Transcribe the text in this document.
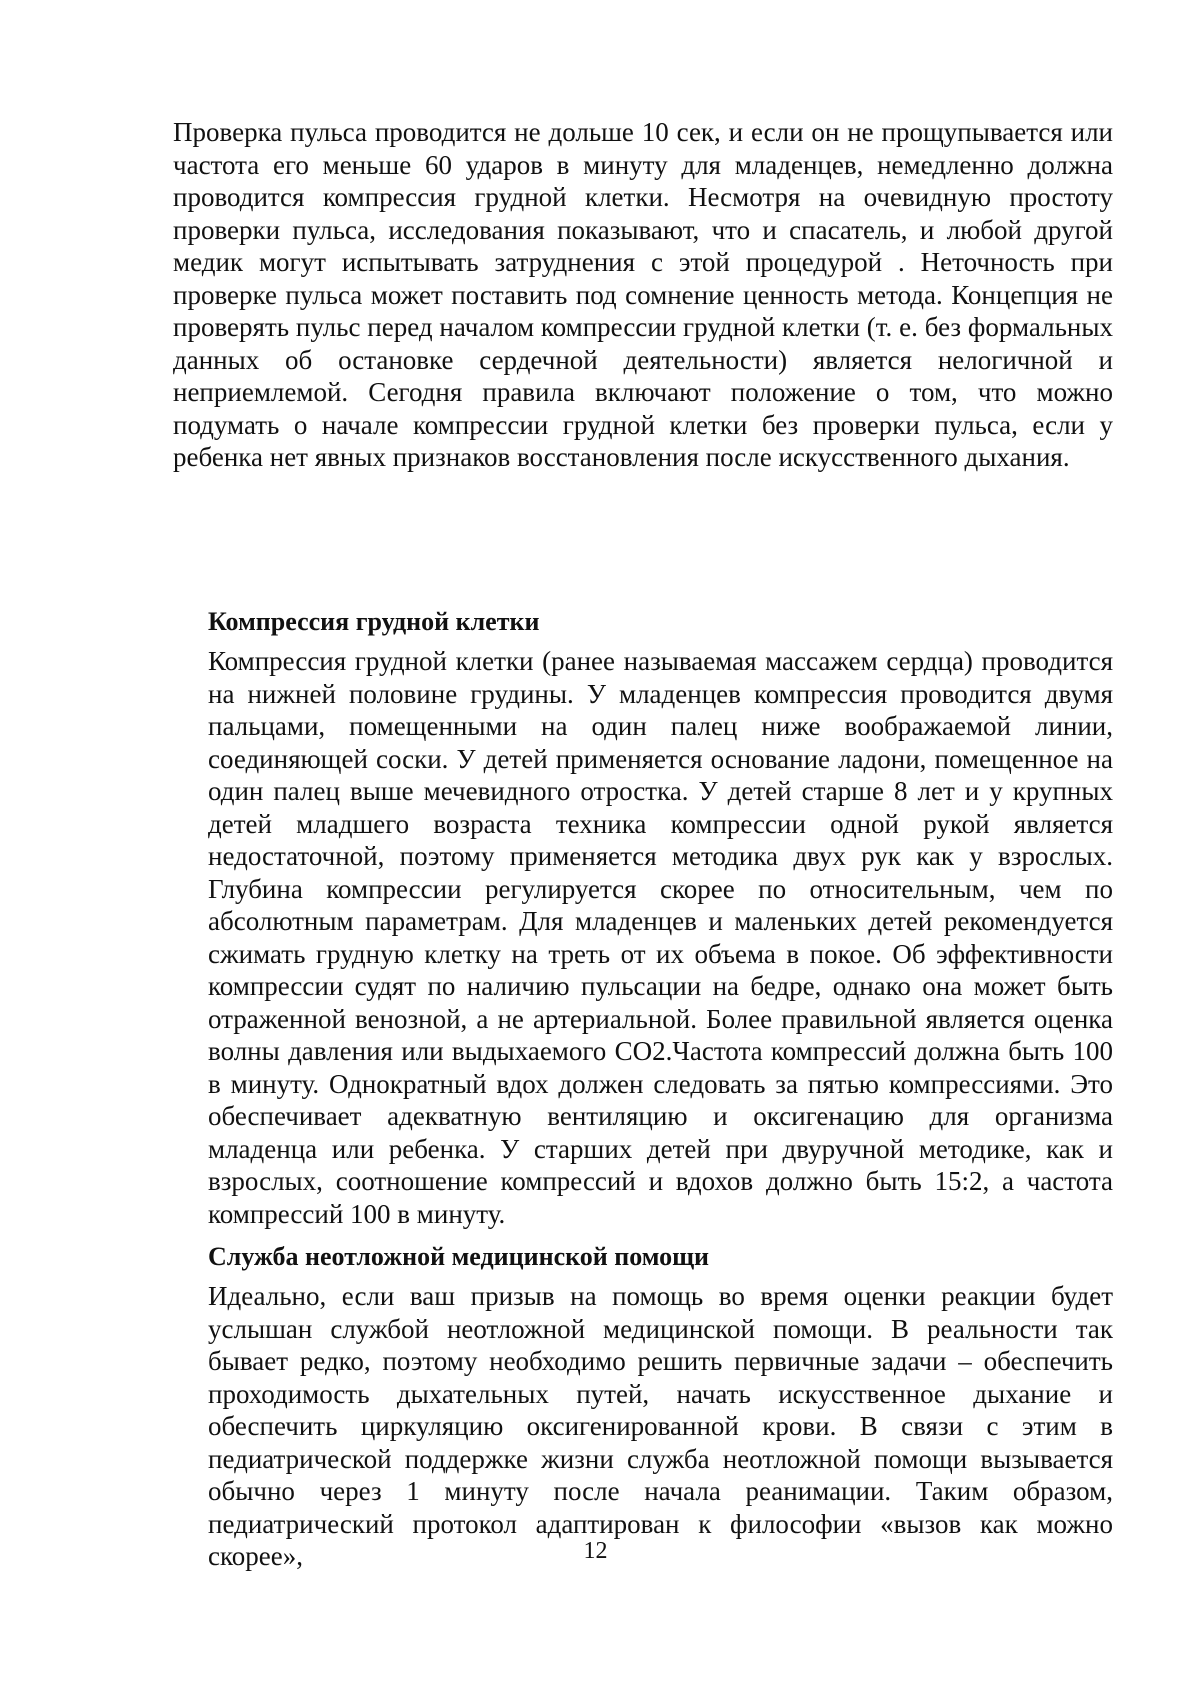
Проверка пульса проводится не дольше 10 сек, и если он не прощупывается или частота его меньше 60 ударов в минуту для младенцев, немедленно должна проводится компрессия грудной клетки. Несмотря на очевидную простоту проверки пульса, исследования показывают, что и спасатель, и любой другой медик могут испытывать затруднения с этой процедурой . Неточность при проверке пульса может поставить под сомнение ценность метода. Концепция не проверять пульс перед началом компрессии грудной клетки (т. е. без формальных данных об остановке сердечной деятельности) является нелогичной и неприемлемой. Сегодня правила включают положение о том, что можно подумать о начале компрессии грудной клетки без проверки пульса, если у ребенка нет явных признаков восстановления после искусственного дыхания.

Компрессия грудной клетки

Компрессия грудной клетки (ранее называемая массажем сердца) проводится на нижней половине грудины. У младенцев компрессия проводится двумя пальцами, помещенными на один палец ниже воображаемой линии, соединяющей соски. У детей применяется основание ладони, помещенное на один палец выше мечевидного отростка. У детей старше 8 лет и у крупных детей младшего возраста техника компрессии одной рукой является недостаточной, поэтому применяется методика двух рук как у взрослых. Глубина компрессии регулируется скорее по относительным, чем по абсолютным параметрам. Для младенцев и маленьких детей рекомендуется сжимать грудную клетку на треть от их объема в покое. Об эффективности компрессии судят по наличию пульсации на бедре, однако она может быть отраженной венозной, а не артериальной. Более правильной является оценка волны давления или выдыхаемого СО2.Частота компрессий должна быть 100 в минуту. Однократный вдох должен следовать за пятью компрессиями. Это обеспечивает адекватную вентиляцию и оксигенацию для организма младенца или ребенка. У старших детей при двуручной методике, как и взрослых, соотношение компрессий и вдохов должно быть 15:2, а частота компрессий 100 в минуту.

Служба неотложной медицинской помощи

Идеально, если ваш призыв на помощь во время оценки реакции будет услышан службой неотложной медицинской помощи. В реальности так бывает редко, поэтому необходимо решить первичные задачи – обеспечить проходимость дыхательных путей, начать искусственное дыхание и обеспечить циркуляцию оксигенированной крови. В связи с этим в педиатрической поддержке жизни служба неотложной помощи вызывается обычно через 1 минуту после начала реанимации. Таким образом, педиатрический протокол адаптирован к философии «вызов как можно скорее»,	12
